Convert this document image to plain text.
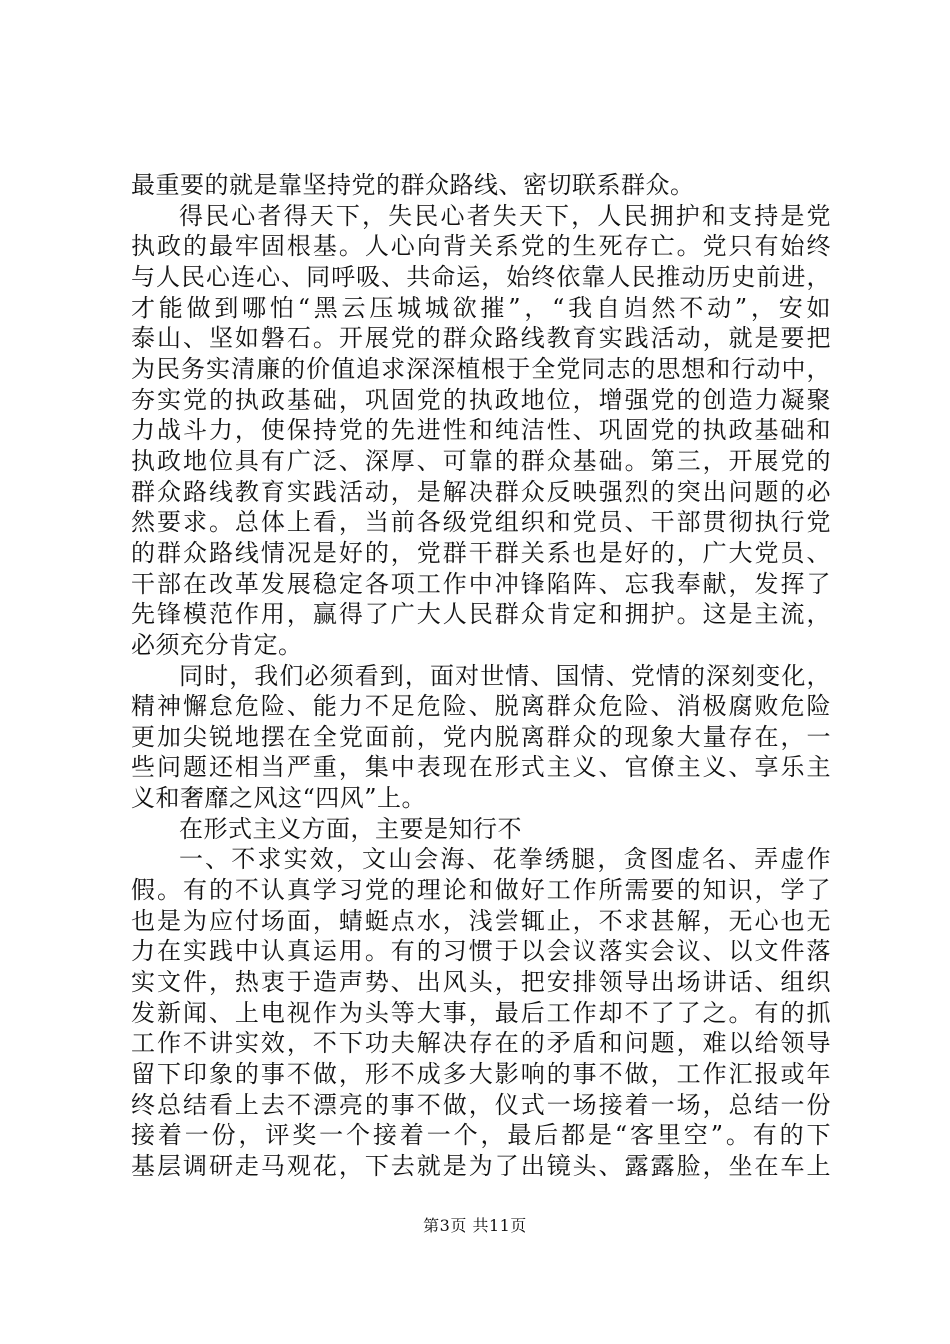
最重要的就是靠坚持党的群众路线、密切联系群众。
得民心者得天下，失民心者失天下，人民拥护和支持是党
执政的最牢固根基。人心向背关系党的生死存亡。党只有始终
与人民心连心、同呼吸、共命运，始终依靠人民推动历史前进，
才能做到哪怕“黑云压城城欲摧”，“我自岿然不动”，安如
泰山、坚如磐石。开展党的群众路线教育实践活动，就是要把
为民务实清廉的价值追求深深植根于全党同志的思想和行动中，
夯实党的执政基础，巩固党的执政地位，增强党的创造力凝聚
力战斗力，使保持党的先进性和纯洁性、巩固党的执政基础和
执政地位具有广泛、深厚、可靠的群众基础。第三，开展党的
群众路线教育实践活动，是解决群众反映强烈的突出问题的必
然要求。总体上看，当前各级党组织和党员、干部贯彻执行党
的群众路线情况是好的，党群干群关系也是好的，广大党员、
干部在改革发展稳定各项工作中冲锋陷阵、忘我奉献，发挥了
先锋模范作用，赢得了广大人民群众肯定和拥护。这是主流，
必须充分肯定。
同时，我们必须看到，面对世情、国情、党情的深刻变化，
精神懈怠危险、能力不足危险、脱离群众危险、消极腐败危险
更加尖锐地摆在全党面前，党内脱离群众的现象大量存在，一
些问题还相当严重，集中表现在形式主义、官僚主义、享乐主
义和奢靡之风这“四风”上。
在形式主义方面，主要是知行不
一、不求实效，文山会海、花拳绣腿，贪图虚名、弄虚作
假。有的不认真学习党的理论和做好工作所需要的知识，学了
也是为应付场面，蜻蜓点水，浅尝辄止，不求甚解，无心也无
力在实践中认真运用。有的习惯于以会议落实会议、以文件落
实文件，热衷于造声势、出风头，把安排领导出场讲话、组织
发新闻、上电视作为头等大事，最后工作却不了了之。有的抓
工作不讲实效，不下功夫解决存在的矛盾和问题，难以给领导
留下印象的事不做，形不成多大影响的事不做，工作汇报或年
终总结看上去不漂亮的事不做，仪式一场接着一场，总结一份
接着一份，评奖一个接着一个，最后都是“客里空”。有的下
基层调研走马观花，下去就是为了出镜头、露露脸，坐在车上
第3页 共11页
